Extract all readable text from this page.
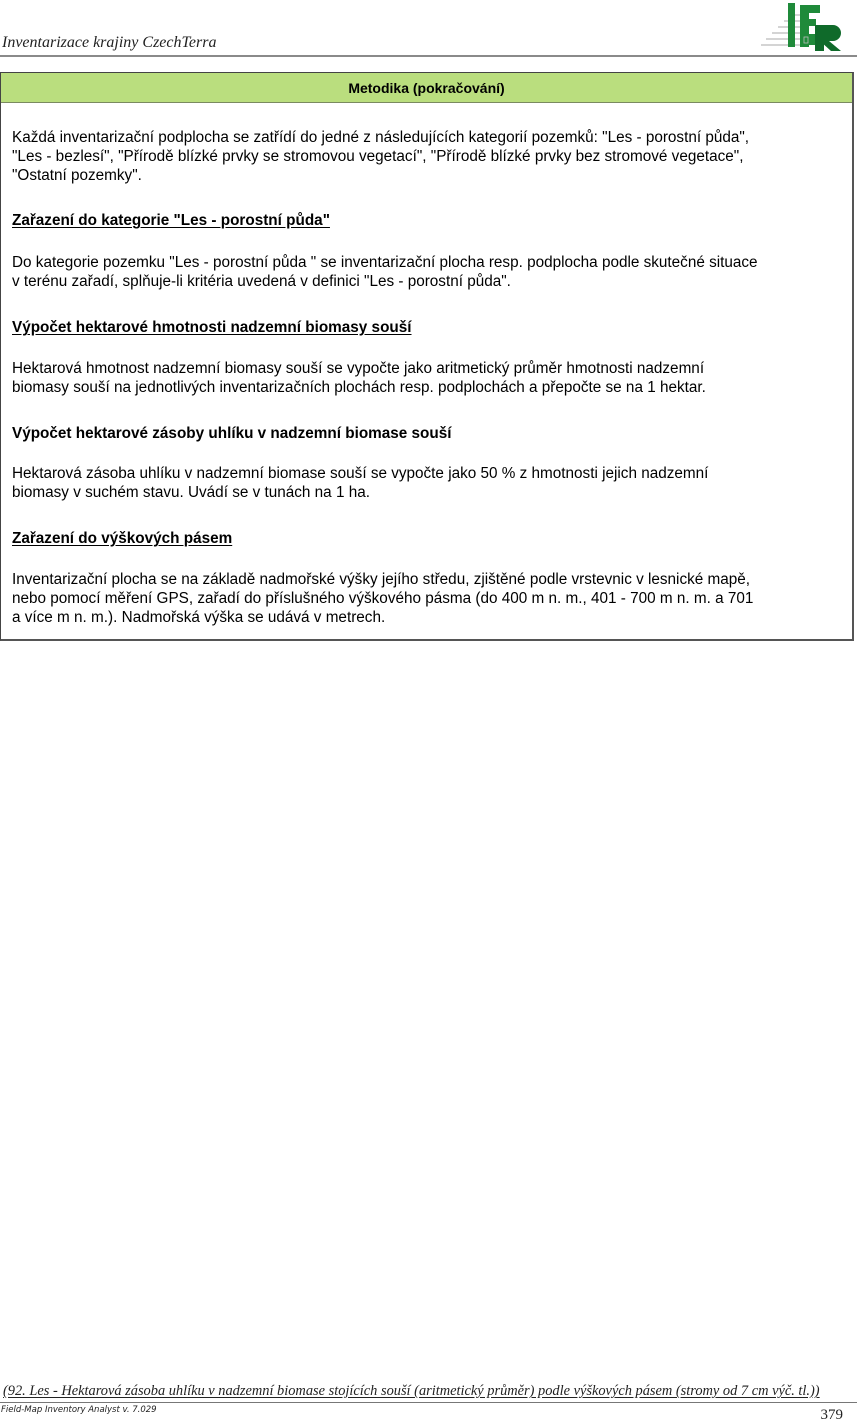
Inventarizace krajiny CzechTerra
Metodika (pokračování)

Každá inventarizační podplocha se zatřídí do jedné z následujících kategorií pozemků: "Les - porostní půda",

"Les - bezlesí", "Přírodě blízké prvky se stromovou vegetací", "Přírodě blízké prvky bez stromové vegetace",

"Ostatní pozemky".

Zařazení do kategorie "Les - porostní půda"

Do kategorie pozemku "Les - porostní půda " se inventarizační plocha resp. podplocha podle skutečné situace

v terénu zařadí, splňuje-li kritéria uvedená v definici "Les - porostní půda".

Výpočet hektarové hmotnosti nadzemní biomasy souší

Hektarová hmotnost nadzemní biomasy souší se vypočte jako aritmetický průměr hmotnosti nadzemní

biomasy souší na jednotlivých inventarizačních plochách resp. podplochách a přepočte se na 1 hektar.

Výpočet hektarové zásoby uhlíku v nadzemní biomase souší

Hektarová zásoba uhlíku v nadzemní biomase souší se vypočte jako 50 % z hmotnosti jejich nadzemní

biomasy v suchém stavu. Uvádí se v tunách na 1 ha.

Zařazení do výškových pásem

Inventarizační plocha se na základě nadmořské výšky jejího středu, zjištěné podle vrstevnic v lesnické mapě,

nebo pomocí měření GPS, zařadí do příslušného výškového pásma (do 400 m n. m., 401 - 700 m n. m. a 701

a více m n. m.). Nadmořská výška se udává v metrech.

(92. Les - Hektarová zásoba uhlíku v nadzemní biomase stojících souší (aritmetický průměr) podle výškových pásem (stromy od 7 cm výč. tl.))
Field-Map Inventory Analyst v. 7.029	379
